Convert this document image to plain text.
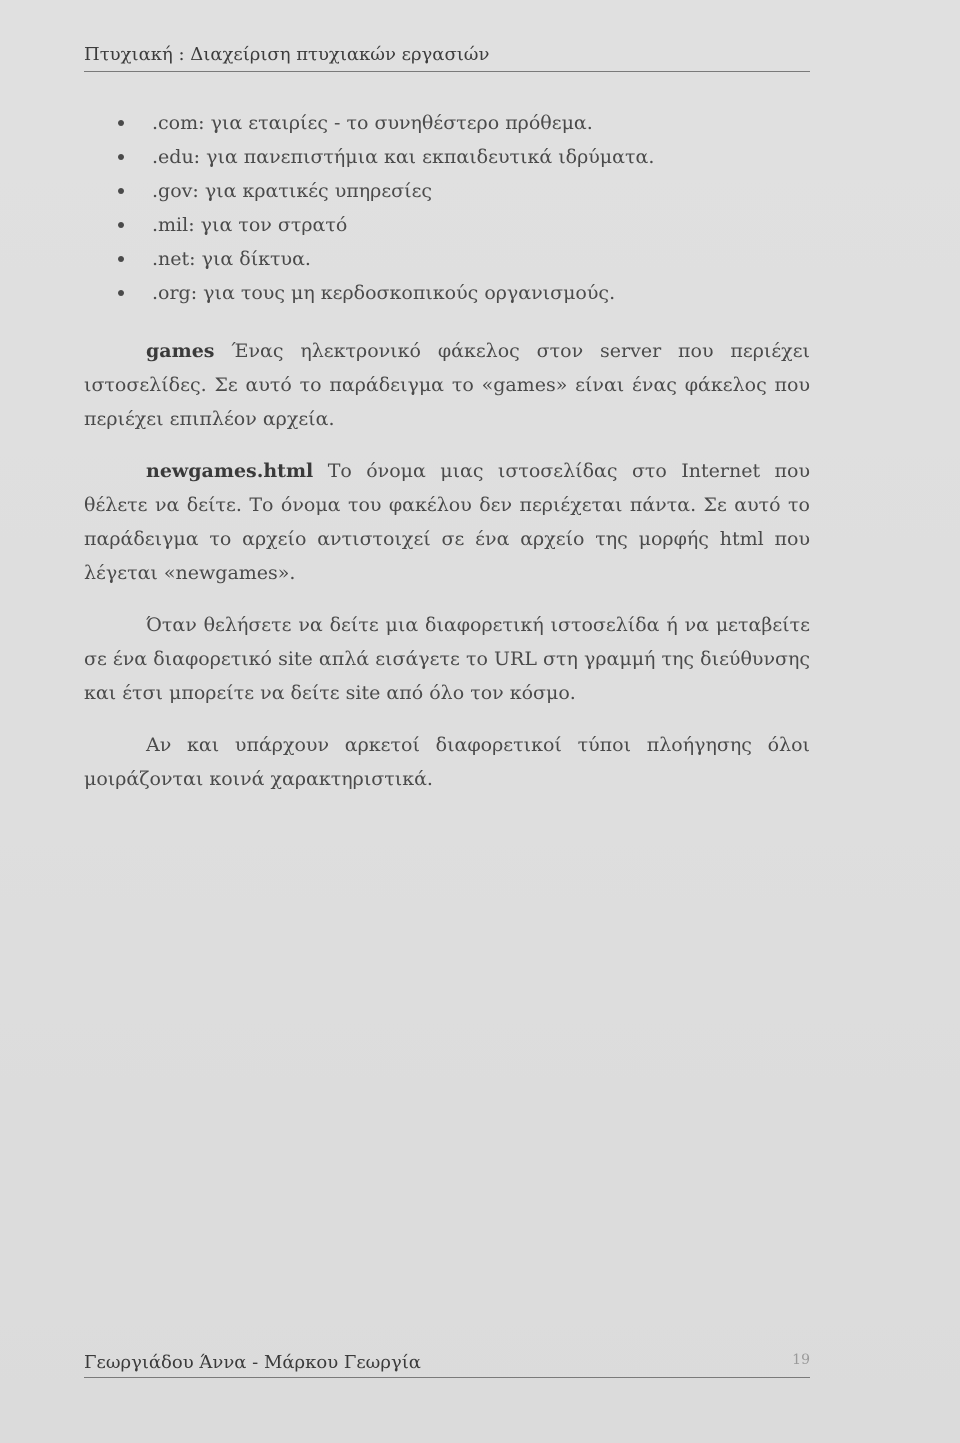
Πτυχιακή : Διαχείριση πτυχιακών εργασιών
.com: για εταιρίες - το συνηθέστερο πρόθεμα.
.edu: για πανεπιστήμια και εκπαιδευτικά ιδρύματα.
.gov: για κρατικές υπηρεσίες
.mil: για τον στρατό
.net: για δίκτυα.
.org: για τους μη κερδοσκοπικούς οργανισμούς.

games Ένας ηλεκτρονικό φάκελος στον server που περιέχει ιστοσελίδες. Σε αυτό το παράδειγμα το «games» είναι ένας φάκελος που περιέχει επιπλέον αρχεία.

newgames.html Το όνομα μιας ιστοσελίδας στο Internet που θέλετε να δείτε. Το όνομα του φακέλου δεν περιέχεται πάντα. Σε αυτό το παράδειγμα το αρχείο αντιστοιχεί σε ένα αρχείο της μορφής html που λέγεται «newgames».

Όταν θελήσετε να δείτε μια διαφορετική ιστοσελίδα ή να μεταβείτε σε ένα διαφορετικό site απλά εισάγετε το URL στη γραμμή της διεύθυνσης και έτσι μπορείτε να δείτε site από όλο τον κόσμο.

Αν και υπάρχουν αρκετοί διαφορετικοί τύποι πλοήγησης όλοι μοιράζονται κοινά χαρακτηριστικά.

Γεωργιάδου Άννα - Μάρκου Γεωργία	19
